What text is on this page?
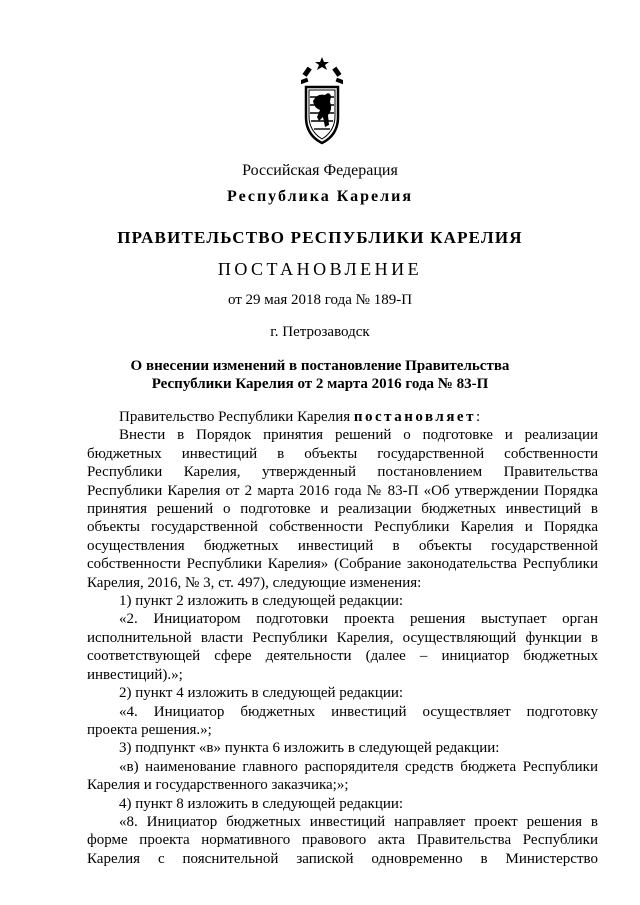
Российская Федерация
Республика Карелия
ПРАВИТЕЛЬСТВО РЕСПУБЛИКИ КАРЕЛИЯ
ПОСТАНОВЛЕНИЕ
от 29 мая 2018 года № 189-П
г. Петрозаводск
О внесении изменений в постановление Правительства
Республики Карелия от 2 марта 2016 года № 83-П

Правительство Республики Карелия постановляет:

Внести в Порядок принятия решений о подготовке и реализации

бюджетных инвестиций в объекты государственной собственности

Республики Карелия, утвержденный постановлением Правительства

Республики Карелия от 2 марта 2016 года № 83-П «Об утверждении Порядка

принятия решений о подготовке и реализации бюджетных инвестиций в

объекты государственной собственности Республики Карелия и Порядка

осуществления бюджетных инвестиций в объекты государственной

собственности Республики Карелия» (Собрание законодательства Республики

Карелия, 2016, № 3, ст. 497), следующие изменения:

1) пункт 2 изложить в следующей редакции:

«2. Инициатором подготовки проекта решения выступает орган

исполнительной власти Республики Карелия, осуществляющий функции в

соответствующей сфере деятельности (далее – инициатор бюджетных

инвестиций).»;

2) пункт 4 изложить в следующей редакции:

«4. Инициатор бюджетных инвестиций осуществляет подготовку

проекта решения.»;

3) подпункт «в» пункта 6 изложить в следующей редакции:

«в) наименование главного распорядителя средств бюджета Республики

Карелия и государственного заказчика;»;

4) пункт 8 изложить в следующей редакции:

«8. Инициатор бюджетных инвестиций направляет проект решения в

форме проекта нормативного правового акта Правительства Республики

Карелия с пояснительной запиской одновременно в Министерство
